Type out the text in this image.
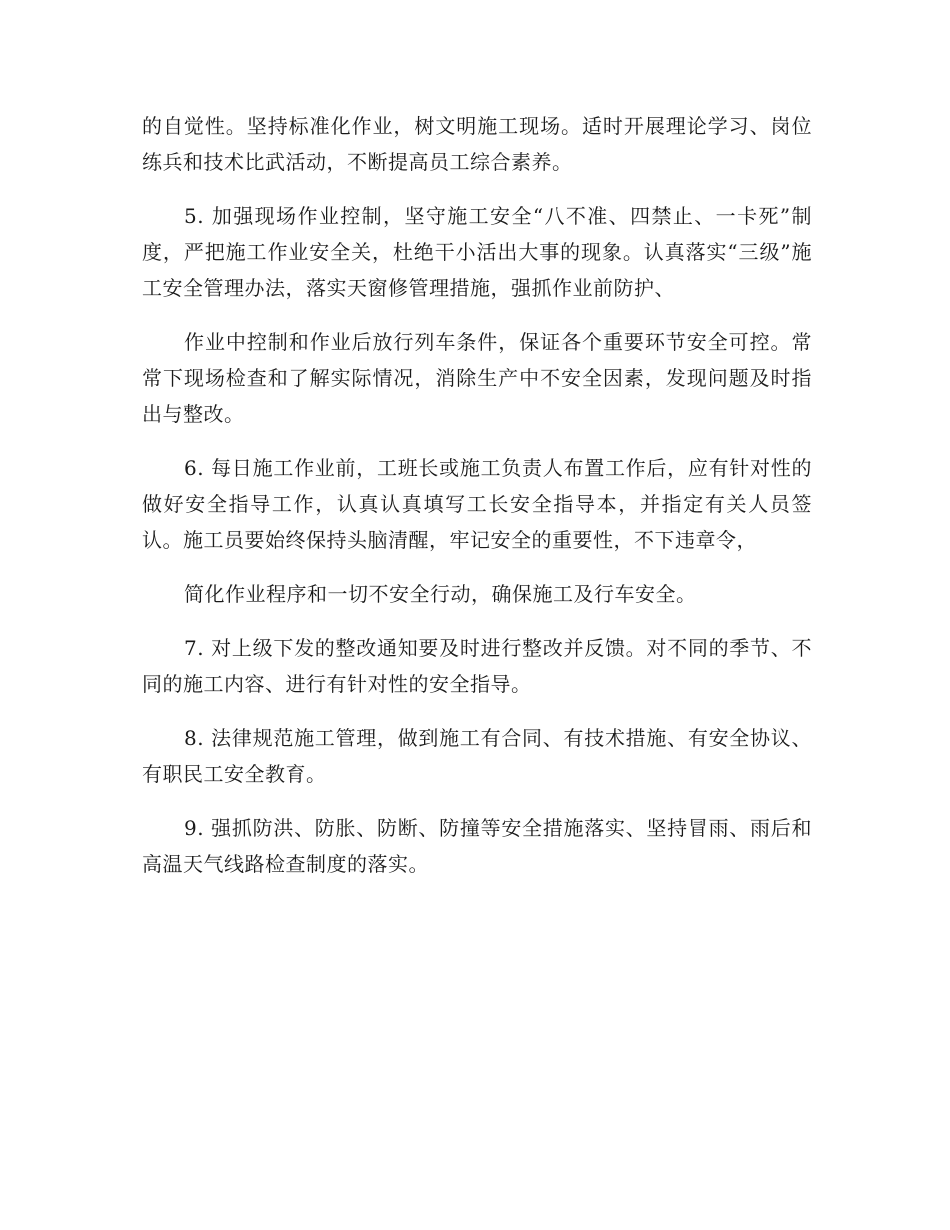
的自觉性。坚持标准化作业，树文明施工现场。适时开展理论学习、岗位练兵和技术比武活动，不断提高员工综合素养。

5. 加强现场作业控制，坚守施工安全“八不准、四禁止、一卡死”制度，严把施工作业安全关，杜绝干小活出大事的现象。认真落实“三级”施工安全管理办法，落实天窗修管理措施，强抓作业前防护、

作业中控制和作业后放行列车条件，保证各个重要环节安全可控。常常下现场检查和了解实际情况，消除生产中不安全因素，发现问题及时指出与整改。

6. 每日施工作业前，工班长或施工负责人布置工作后，应有针对性的做好安全指导工作，认真认真填写工长安全指导本，并指定有关人员签认。施工员要始终保持头脑清醒，牢记安全的重要性，不下违章令，

简化作业程序和一切不安全行动，确保施工及行车安全。

7. 对上级下发的整改通知要及时进行整改并反馈。对不同的季节、不同的施工内容、进行有针对性的安全指导。

8. 法律规范施工管理，做到施工有合同、有技术措施、有安全协议、有职民工安全教育。

9. 强抓防洪、防胀、防断、防撞等安全措施落实、坚持冒雨、雨后和高温天气线路检查制度的落实。
